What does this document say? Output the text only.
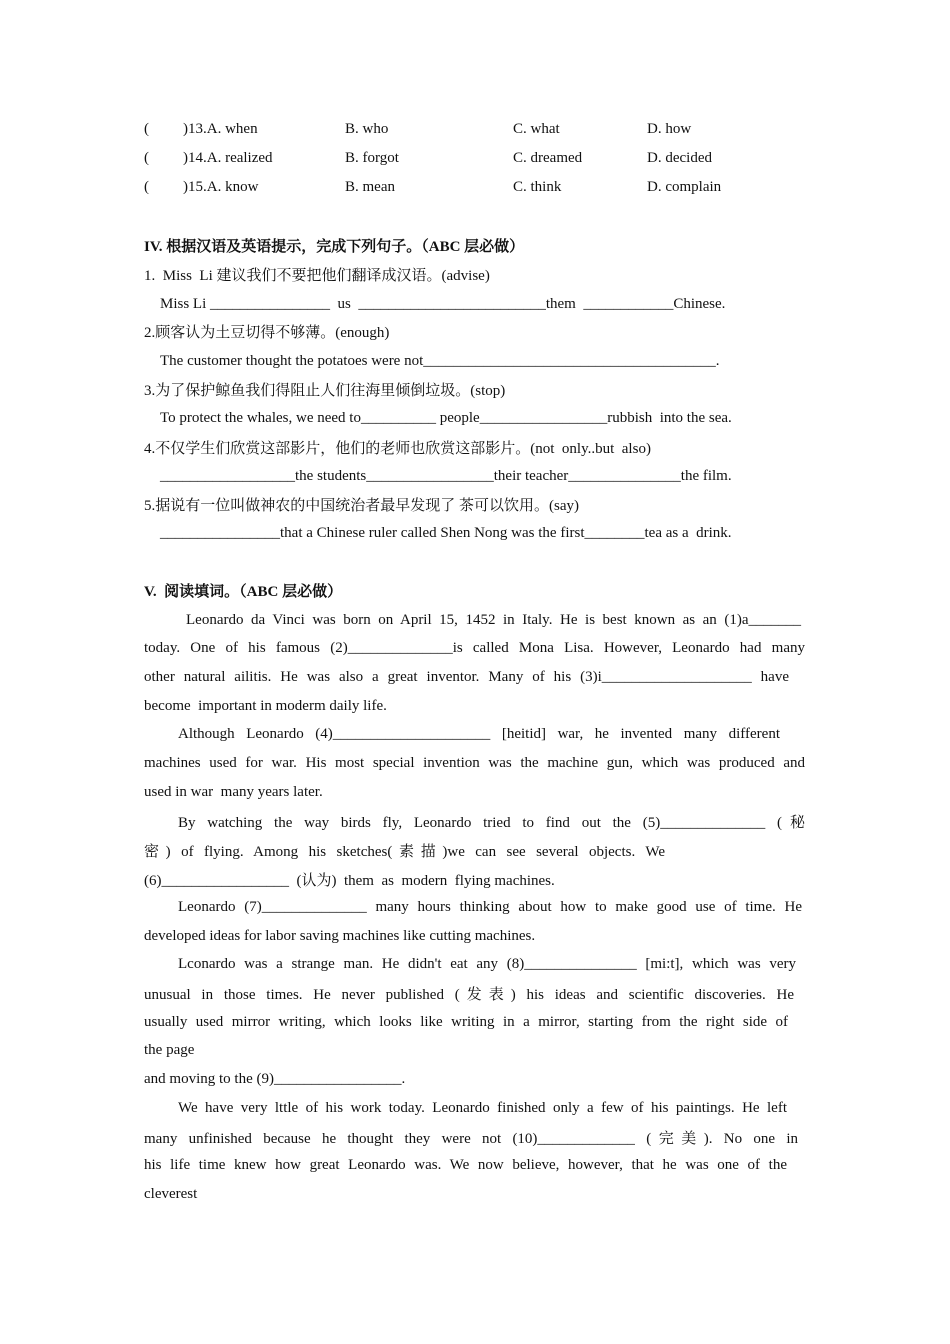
( )13.A. when	B. who	C. what	D. how
( )14.A. realized	B. forgot	C. dreamed	D. decided
( )15.A. know	B. mean	C. think	D. complain
IV. 根据汉语及英语提示，完成下列句子。（ABC 层必做）
1.  Miss  Li 建议我们不要把他们翻译成汉语。(advise)
Miss Li ________________  us  _________________________them  ____________Chinese.
2.顾客认为土豆切得不够薄。(enough)
The customer thought the potatoes were not_______________________________________.
3.为了保护鲸鱼我们得阻止人们往海里倾倒垃圾。(stop)
To protect the whales, we need to__________ people_________________rubbish  into the sea.
4.不仅学生们欣赏这部影片，他们的老师也欣赏这部影片。(not  only..but  also)
__________________the students_________________their teacher_______________the film.
5.据说有一位叫做神农的中国统治者最早发现了 茶可以饮用。(say)
________________that a Chinese ruler called Shen Nong was the first________tea as a  drink.
V.  阅读填词。（ABC 层必做）
Leonardo da Vinci was born on April 15, 1452 in Italy. He is best known as an (1)a_______
today. One of his famous (2)______________is called Mona Lisa. However, Leonardo had many
other natural ailitis. He was also a great inventor. Many of his (3)i____________________ have
become  important in moderm daily life.
Although Leonardo (4)_____________________ [heitid] war, he invented many different
machines used for war. His most special invention was the machine gun, which was produced and
used in war  many years later.
By watching the way birds fly, Leonardo tried to find out the (5)______________ (秘
密) of flying. Among his sketches(素描)we can see several objects. We
(6)_________________  (认为)  them  as  modern  flying machines.
Leonardo (7)______________ many hours thinking about how to make good use of time. He
developed ideas for labor saving machines like cutting machines.
Lconardo was a strange man. He didn't eat any (8)_______________ [mi:t], which was very
unusual in those times. He never published (发表) his ideas and scientific discoveries. He
usually used mirror writing, which looks like writing in a mirror, starting from the right side of
the page
and moving to the (9)_________________.
We have very lttle of his work today. Leonardo finished only a few of his paintings. He left
many unfinished because he thought they were not (10)_____________ (完美). No one in
his life time knew how great Leonardo was. We now believe, however, that he was one of the
cleverest
